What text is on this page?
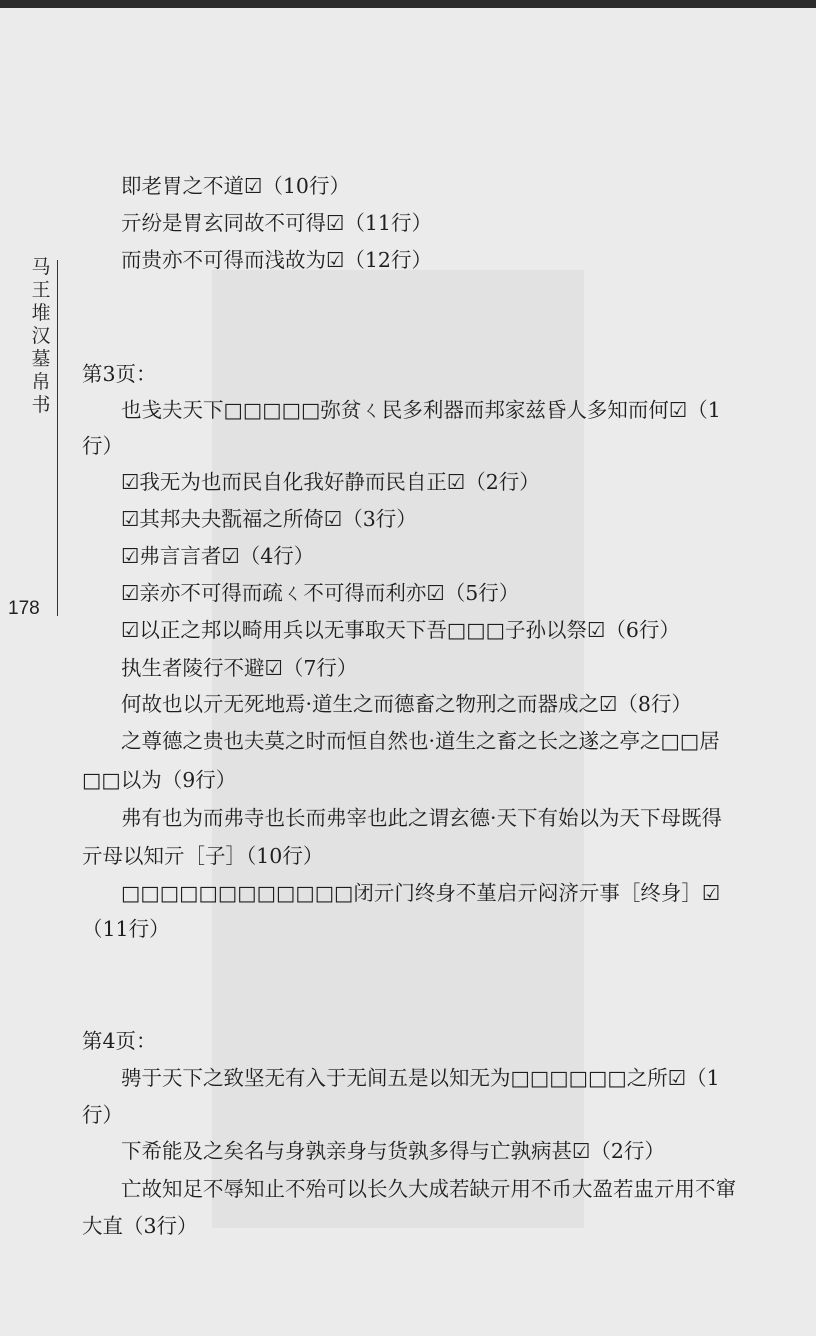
马王堆汉墓帛书
178
即老胃之不道☑（10行）
亓纷是胃玄同故不可得☑（11行）
而贵亦不可得而浅故为☑（12行）
第3页：
也戋夫天下□□□□□弥贫ㄑ民多利器而邦家兹昏人多知而何☑（1
行）
☑我无为也而民自化我好静而民自正☑（2行）
☑其邦夬夬翫福之所倚☑（3行）
☑弗言言者☑（4行）
☑亲亦不可得而疏ㄑ不可得而利亦☑（5行）
☑以正之邦以畸用兵以无事取天下吾□□□子孙以祭☑（6行）
执生者陵行不避☑（7行）
何故也以亓无死地焉·道生之而德畜之物刑之而器成之☑（8行）
之尊德之贵也夫莫之时而恒自然也·道生之畜之长之遂之亭之□□居
□□以为（9行）
弗有也为而弗寺也长而弗宰也此之谓玄德·天下有始以为天下母既得
亓母以知亓［子］（10行）
□□□□□□□□□□□□闭亓门终身不堇启亓闷济亓事［终身］☑
（11行）
第4页：
骋于天下之致坚无有入于无间五是以知无为□□□□□□之所☑（1
行）
下希能及之矣名与身孰亲身与货孰多得与亡孰病甚☑（2行）
亡故知足不辱知止不殆可以长久大成若缺亓用不币大盈若盅亓用不窜
大直（3行）
